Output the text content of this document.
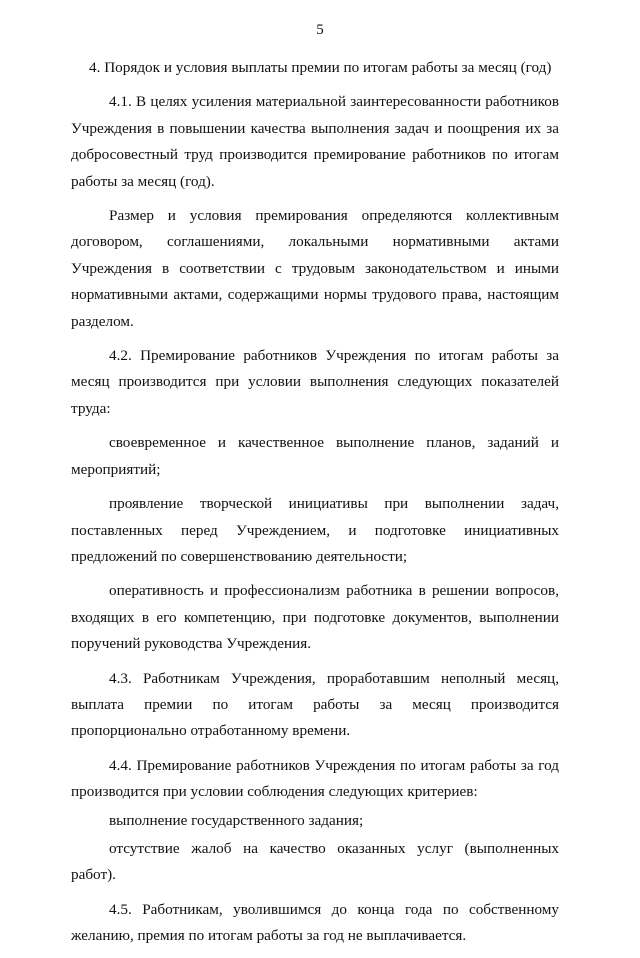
5

4. Порядок и условия выплаты премии по итогам работы за месяц (год)

4.1. В целях усиления материальной заинтересованности работников Учреждения в повышении качества выполнения задач и поощрения их за добросовестный труд производится премирование работников по итогам работы за месяц (год).

Размер и условия премирования определяются коллективным договором, соглашениями, локальными нормативными актами Учреждения в соответствии с трудовым законодательством и иными нормативными актами, содержащими нормы трудового права, настоящим разделом.

4.2. Премирование работников Учреждения по итогам работы за месяц производится при условии выполнения следующих показателей труда:

своевременное и качественное выполнение планов, заданий и мероприятий;

проявление творческой инициативы при выполнении задач, поставленных перед Учреждением, и подготовке инициативных предложений по совершенствованию деятельности;

оперативность и профессионализм работника в решении вопросов, входящих в его компетенцию, при подготовке документов, выполнении поручений руководства Учреждения.

4.3. Работникам Учреждения, проработавшим неполный месяц, выплата премии по итогам работы за месяц производится пропорционально отработанному времени.

4.4. Премирование работников Учреждения по итогам работы за год производится при условии соблюдения следующих критериев:

выполнение государственного задания;

отсутствие жалоб на качество оказанных услуг (выполненных работ).

4.5. Работникам, уволившимся до конца года по собственному желанию, премия по итогам работы за год не выплачивается.
